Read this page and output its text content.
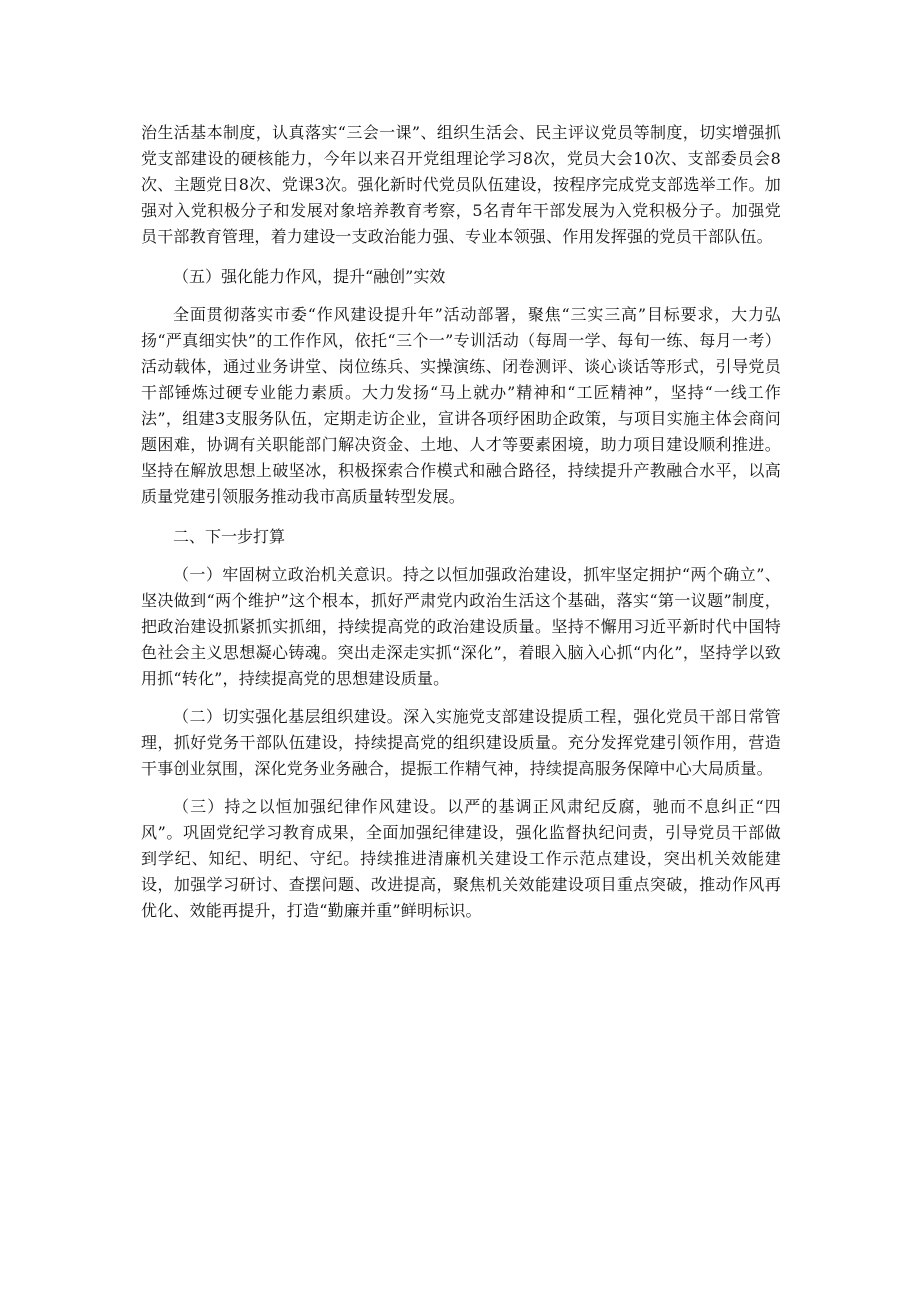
治生活基本制度，认真落实“三会一课”、组织生活会、民主评议党员等制度，切实增强抓党支部建设的硬核能力，今年以来召开党组理论学习8次，党员大会10次、支部委员会8次、主题党日8次、党课3次。强化新时代党员队伍建设，按程序完成党支部选举工作。加强对入党积极分子和发展对象培养教育考察，5名青年干部发展为入党积极分子。加强党员干部教育管理，着力建设一支政治能力强、专业本领强、作用发挥强的党员干部队伍。

（五）强化能力作风，提升“融创”实效

全面贯彻落实市委“作风建设提升年”活动部署，聚焦“三实三高”目标要求，大力弘扬“严真细实快”的工作作风，依托“三个一”专训活动（每周一学、每旬一练、每月一考）活动载体，通过业务讲堂、岗位练兵、实操演练、闭卷测评、谈心谈话等形式，引导党员干部锤炼过硬专业能力素质。大力发扬“马上就办”精神和“工匠精神”，坚持“一线工作法”，组建3支服务队伍，定期走访企业，宣讲各项纾困助企政策，与项目实施主体会商问题困难，协调有关职能部门解决资金、土地、人才等要素困境，助力项目建设顺利推进。坚持在解放思想上破坚冰，积极探索合作模式和融合路径，持续提升产教融合水平，以高质量党建引领服务推动我市高质量转型发展。

二、下一步打算

（一）牢固树立政治机关意识。持之以恒加强政治建设，抓牢坚定拥护“两个确立”、坚决做到“两个维护”这个根本，抓好严肃党内政治生活这个基础，落实“第一议题”制度，把政治建设抓紧抓实抓细，持续提高党的政治建设质量。坚持不懈用习近平新时代中国特色社会主义思想凝心铸魂。突出走深走实抓“深化”，着眼入脑入心抓“内化”，坚持学以致用抓“转化”，持续提高党的思想建设质量。

（二）切实强化基层组织建设。深入实施党支部建设提质工程，强化党员干部日常管理，抓好党务干部队伍建设，持续提高党的组织建设质量。充分发挥党建引领作用，营造干事创业氛围，深化党务业务融合，提振工作精气神，持续提高服务保障中心大局质量。

（三）持之以恒加强纪律作风建设。以严的基调正风肃纪反腐，驰而不息纠正“四风”。巩固党纪学习教育成果，全面加强纪律建设，强化监督执纪问责，引导党员干部做到学纪、知纪、明纪、守纪。持续推进清廉机关建设工作示范点建设，突出机关效能建设，加强学习研讨、查摆问题、改进提高，聚焦机关效能建设项目重点突破，推动作风再优化、效能再提升，打造“勤廉并重”鲜明标识。
